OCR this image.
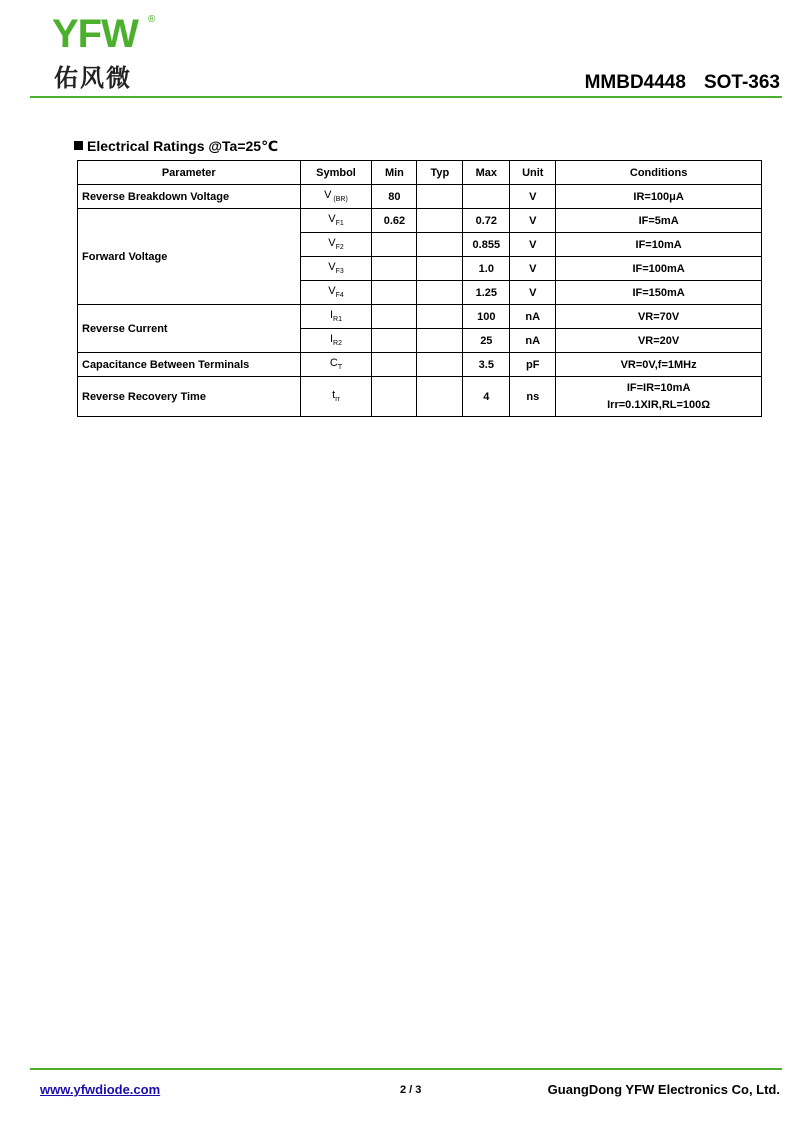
YFW ®
佑风微	MMBD4448 SOT-363
Electrical Ratings @Ta=25℃
Parameter	Symbol	Min	Typ	Max	Unit	Conditions
Reverse Breakdown Voltage	V $_{(BR)}$	80			V	IR=100μA
Forward Voltage	$V_{F1}$	0.62		0.72	V	IF=5mA
	$V_{F2}$			0.855	V	IF=10mA
	$V_{F3}$			1.0	V	IF=100mA
	$V_{F4}$			1.25	V	IF=150mA
Reverse Current	$I_{R1}$			100	nA	VR=70V
	$I_{R2}$			25	nA	VR=20V
Capacitance Between Terminals	$C_T$			3.5	pF	VR=0V,f=1MHz
Reverse Recovery Time	$t_{rr}$			4	ns	IF=IR=10mA
Irr=0.1XIR,RL=100Ω
www.yfwdiode.com	2 / 3	GuangDong YFW Electronics Co, Ltd.
